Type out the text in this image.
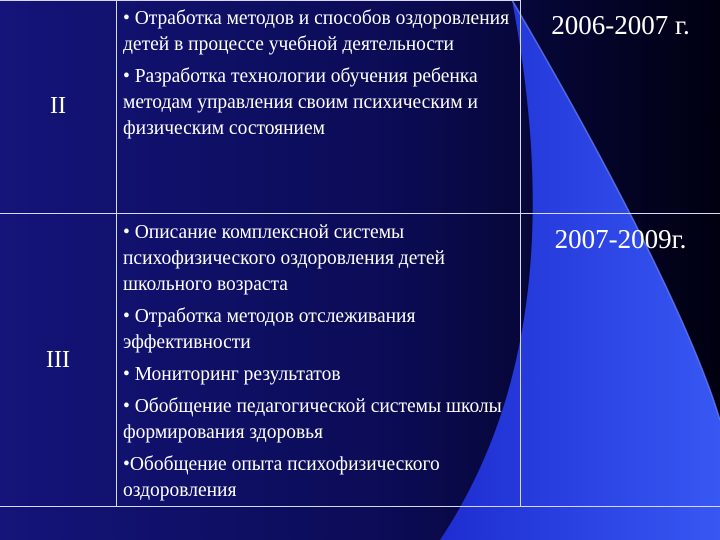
II
• Отработка методов и способов оздоровления детей в процессе учебной деятельности
• Разработка технологии обучения ребенка методам управления своим психическим и физическим состоянием
2006-2007 г.
III
• Описание комплексной системы психофизического оздоровления детей школьного возраста
• Отработка методов отслеживания эффективности
• Мониторинг результатов
• Обобщение педагогической системы школы формирования здоровья
•Обобщение опыта психофизического оздоровления
2007-2009г.
